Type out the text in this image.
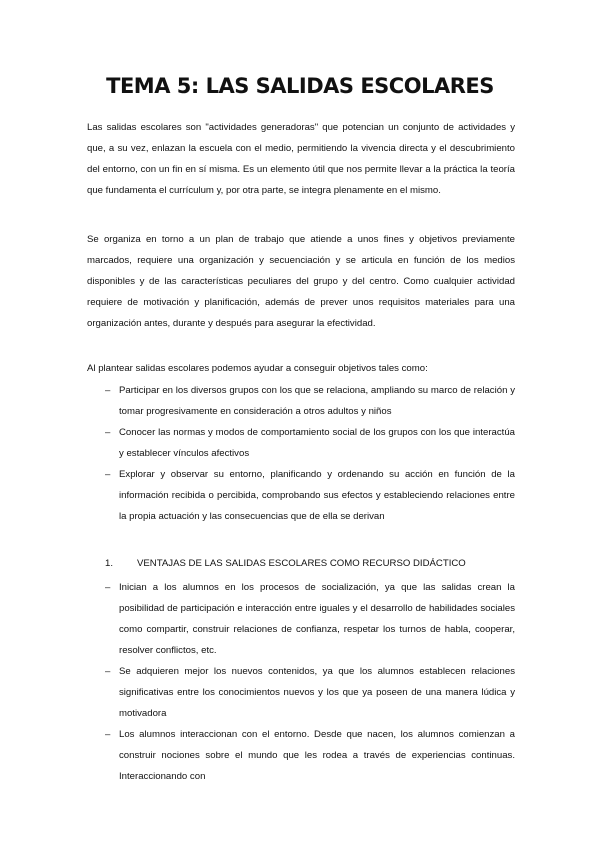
TEMA 5: LAS SALIDAS ESCOLARES

Las salidas escolares son "actividades generadoras" que potencian un conjunto de actividades y que, a su vez, enlazan la escuela con el medio, permitiendo la vivencia directa y el descubrimiento del entorno, con un fin en sí misma. Es un elemento útil que nos permite llevar a la práctica la teoría que fundamenta el currículum y, por otra parte, se integra plenamente en el mismo.

Se organiza en torno a un plan de trabajo que atiende a unos fines y objetivos previamente marcados, requiere una organización y secuenciación y se articula en función de los medios disponibles y de las características peculiares del grupo y del centro. Como cualquier actividad requiere de motivación y planificación, además de prever unos requisitos materiales para una organización antes, durante y después para asegurar la efectividad.

Al plantear salidas escolares podemos ayudar a conseguir objetivos tales como:

– Participar en los diversos grupos con los que se relaciona, ampliando su marco de relación y tomar progresivamente en consideración a otros adultos y niños
– Conocer las normas y modos de comportamiento social de los grupos con los que interactúa y establecer vínculos afectivos
– Explorar y observar su entorno, planificando y ordenando su acción en función de la información recibida o percibida, comprobando sus efectos y estableciendo relaciones entre la propia actuación y las consecuencias que de ella se derivan
1. VENTAJAS DE LAS SALIDAS ESCOLARES COMO RECURSO DIDÁCTICO
– Inician a los alumnos en los procesos de socialización, ya que las salidas crean la posibilidad de participación e interacción entre iguales y el desarrollo de habilidades sociales como compartir, construir relaciones de confianza, respetar los turnos de habla, cooperar, resolver conflictos, etc.
– Se adquieren mejor los nuevos contenidos, ya que los alumnos establecen relaciones significativas entre los conocimientos nuevos y los que ya poseen de una manera lúdica y motivadora
– Los alumnos interaccionan con el entorno. Desde que nacen, los alumnos comienzan a construir nociones sobre el mundo que les rodea a través de experiencias continuas. Interaccionando con
